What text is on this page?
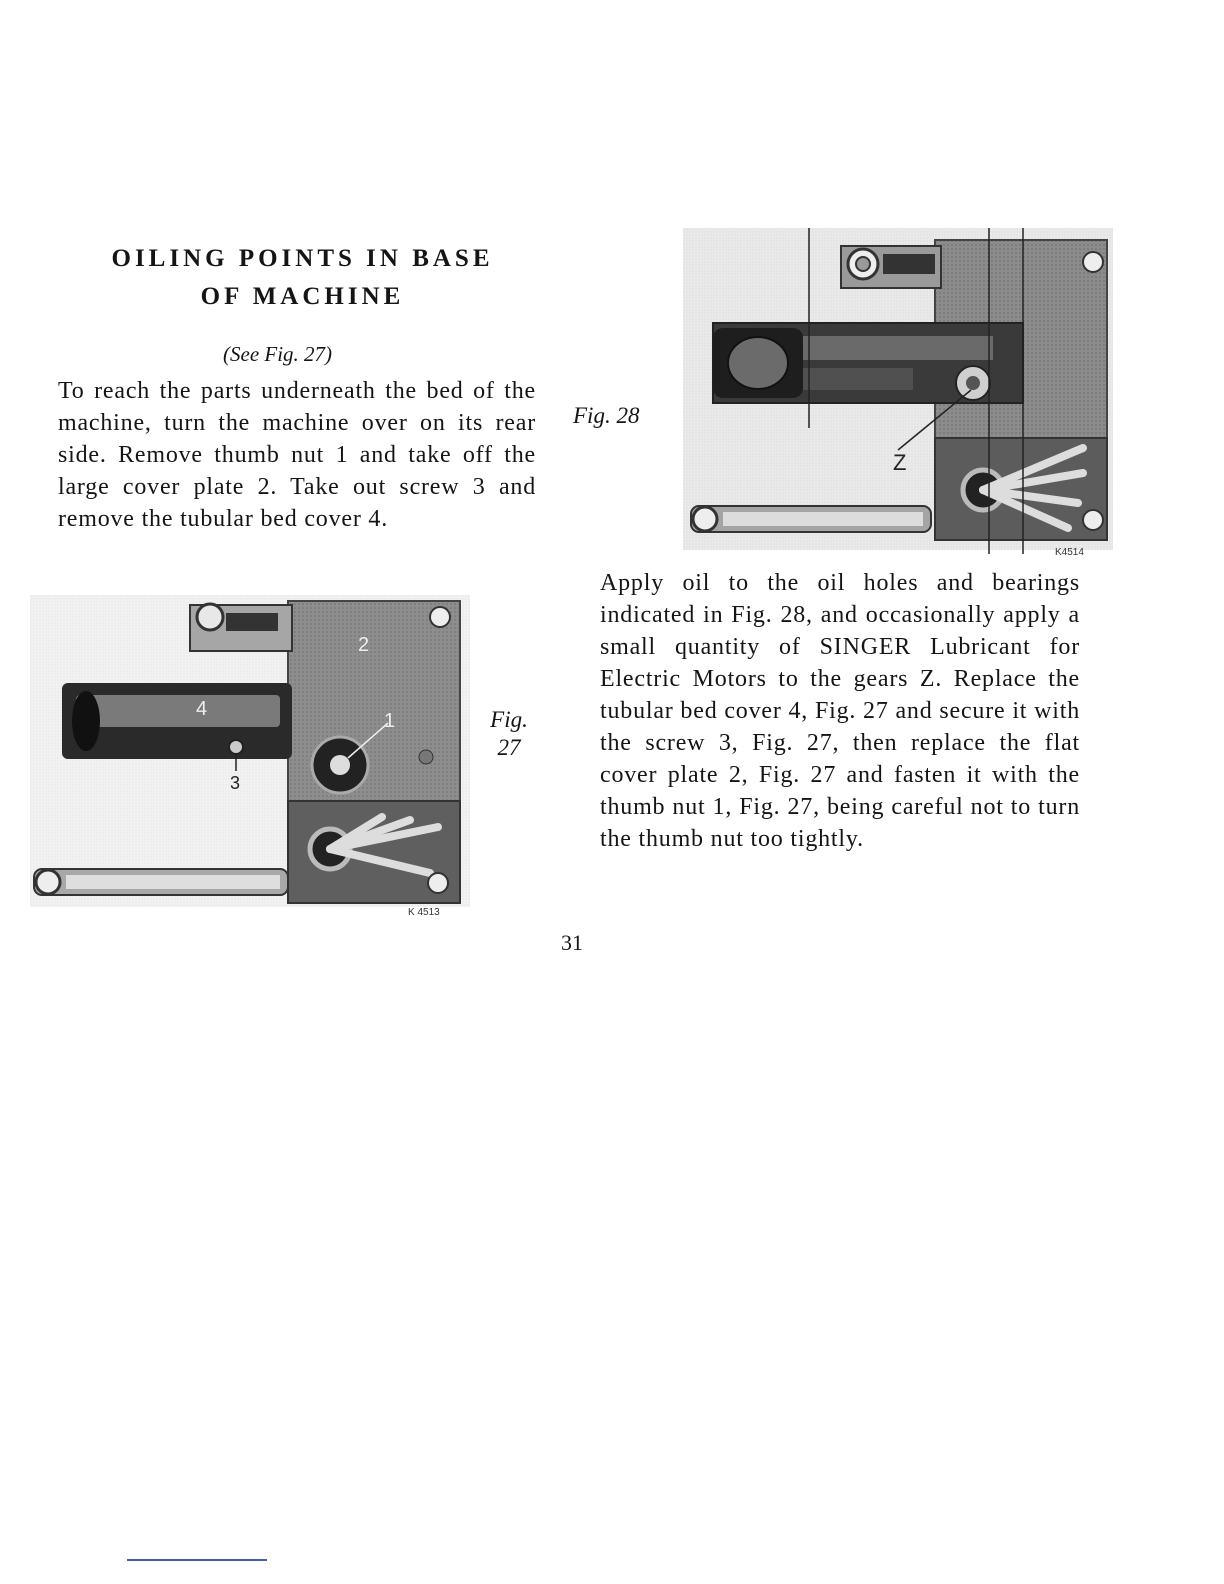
OILING POINTS IN BASE
OF MACHINE
(See Fig. 27)
To reach the parts underneath the bed of the machine, turn the machine over on its rear side. Remove thumb nut 1 and take off the large cover plate 2. Take out screw 3 and remove the tubular bed cover 4.
Z
K4514
Fig. 28
Apply oil to the oil holes and bearings indicated in Fig. 28, and occasionally apply a small quantity of SINGER Lubricant for Electric Motors to the gears Z. Replace the tubular bed cover 4, Fig. 27 and secure it with the screw 3, Fig. 27, then replace the flat cover plate 2, Fig. 27 and fasten it with the thumb nut 1, Fig. 27, being careful not to turn the thumb nut too tightly.
2
4
1
3
K 4513
Fig.
27
31
